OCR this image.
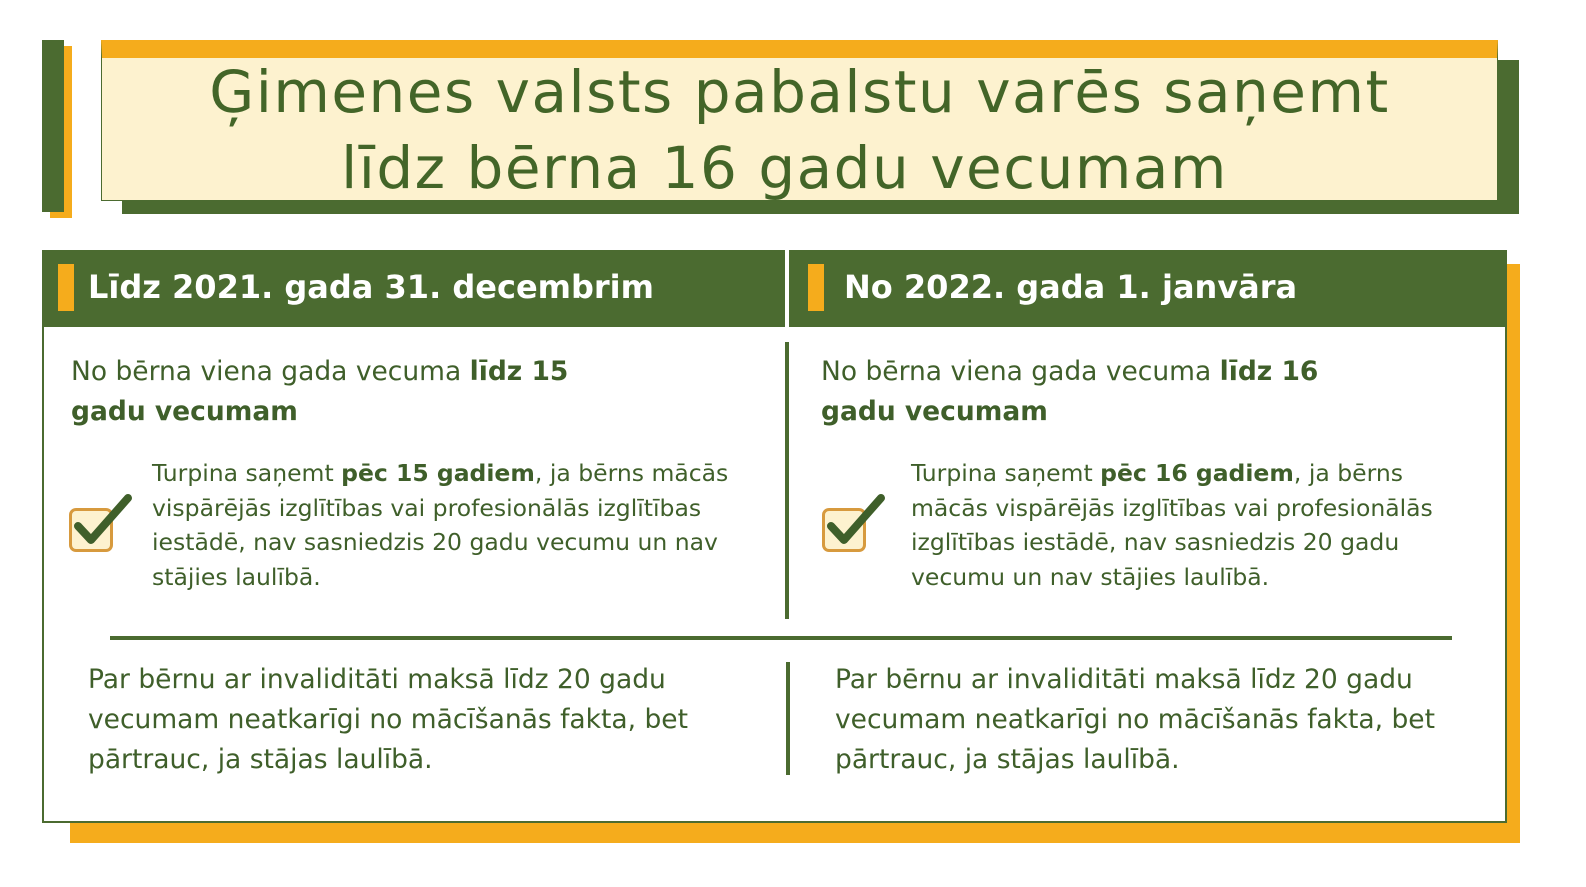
Ģimenes valsts pabalstu varēs saņemt
līdz bērna 16 gadu vecumam
Līdz 2021. gada 31. decembrim	No 2022. gada 1. janvāra
No bērna viena gada vecuma līdz 15
gadu vecumam
Turpina saņemt pēc 15 gadiem, ja bērns mācās
vispārējās izglītības vai profesionālās izglītības
iestādē, nav sasniedzis 20 gadu vecumu un nav
stājies laulībā.
No bērna viena gada vecuma līdz 16
gadu vecumam
Turpina saņemt pēc 16 gadiem, ja bērns
mācās vispārējās izglītības vai profesionālās
izglītības iestādē, nav sasniedzis 20 gadu
vecumu un nav stājies laulībā.
Par bērnu ar invaliditāti maksā līdz 20 gadu
vecumam neatkarīgi no mācīšanās fakta, bet
pārtrauc, ja stājas laulībā.
Par bērnu ar invaliditāti maksā līdz 20 gadu
vecumam neatkarīgi no mācīšanās fakta, bet
pārtrauc, ja stājas laulībā.
